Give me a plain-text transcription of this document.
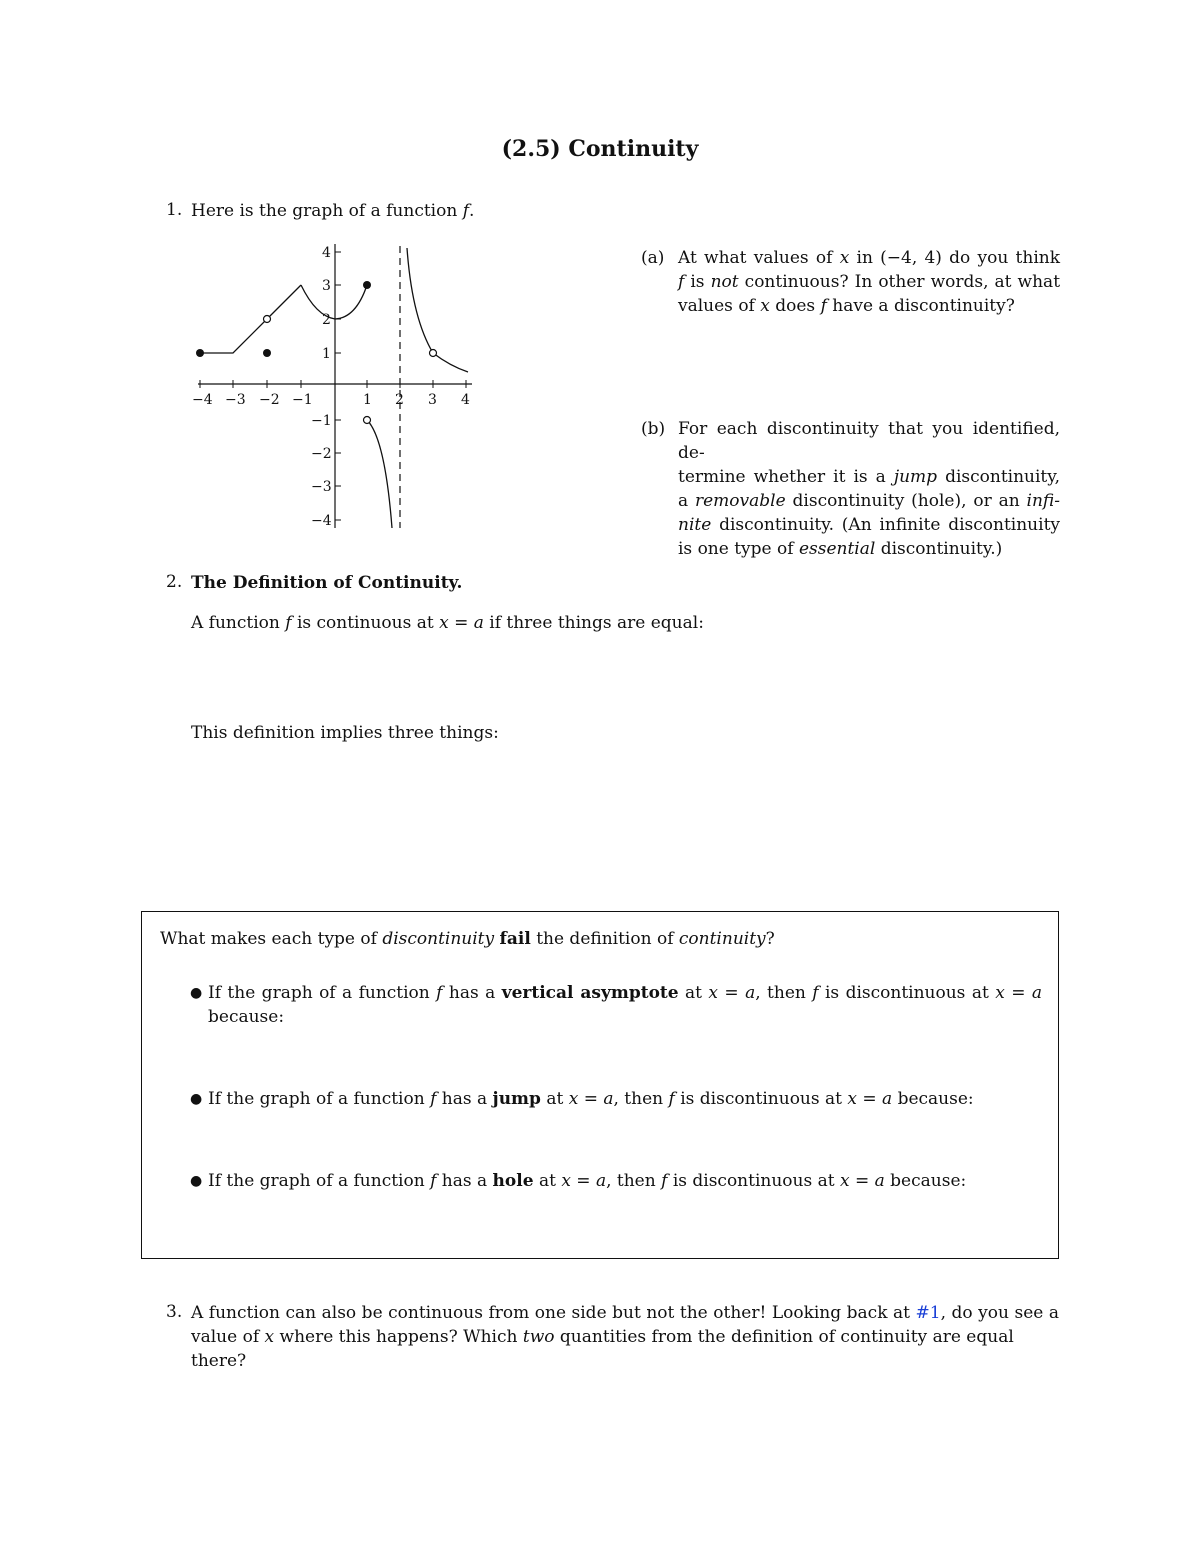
(2.5) Continuity
1. Here is the graph of a function f.
−4 −3 −2 −1	1 2 3 4
1
2
3
4
−1
−2
−3
−4
(a) At what values of x in (−4, 4) do you think
f is not continuous? In other words, at what
values of x does f have a discontinuity?
(b) For each discontinuity that you identified, de-
termine whether it is a jump discontinuity,
a removable discontinuity (hole), or an infi-
nite discontinuity. (An infinite discontinuity
is one type of essential discontinuity.)
2. The Definition of Continuity.
A function f is continuous at x = a if three things are equal:
This definition implies three things:
What makes each type of discontinuity fail the definition of continuity?
● If the graph of a function f has a vertical asymptote at x = a, then f is discontinuous at x = a
because:
● If the graph of a function f has a jump at x = a, then f is discontinuous at x = a because:
● If the graph of a function f has a hole at x = a, then f is discontinuous at x = a because:
3. A function can also be continuous from one side but not the other! Looking back at #1, do you see a
value of x where this happens? Which two quantities from the definition of continuity are equal there?
